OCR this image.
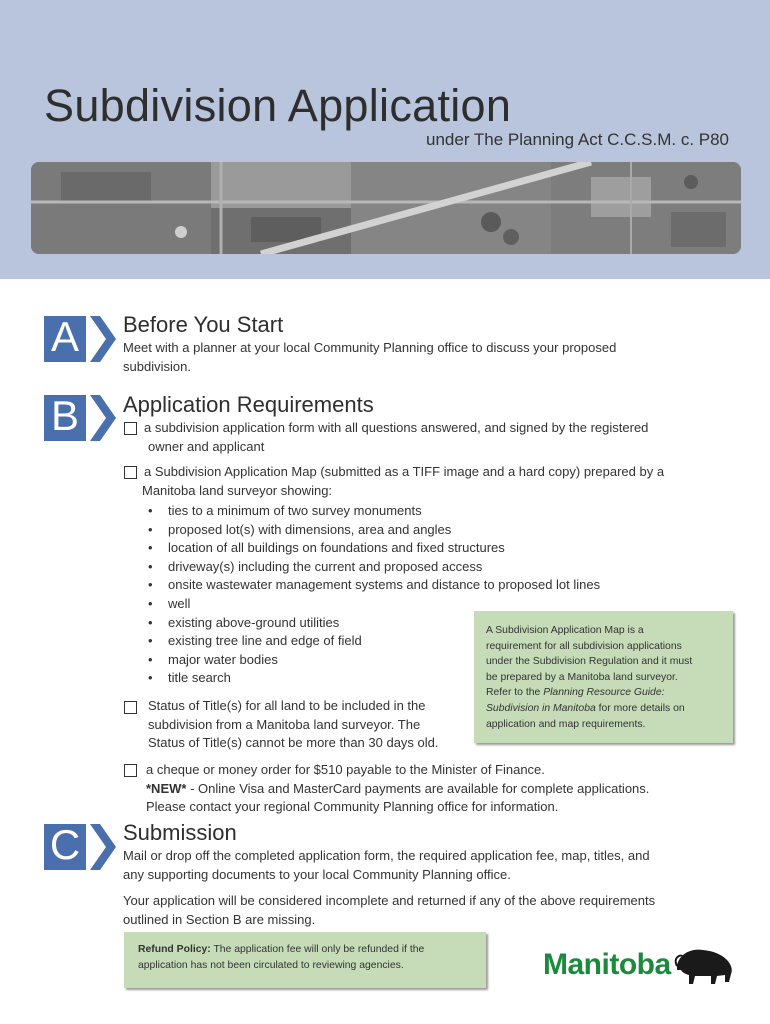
Subdivision Application
under The Planning Act C.C.S.M. c. P80
A	Before You Start
Meet with a planner at your local Community Planning office to discuss your proposed
subdivision.
B	Application Requirements
a subdivision application form with all questions answered, and signed by the registered
owner and applicant
a Subdivision Application Map (submitted as a TIFF image and a hard copy) prepared by a
Manitoba land surveyor showing:
• ties to a minimum of two survey monuments
• proposed lot(s) with dimensions, area and angles
• location of all buildings on foundations and fixed structures
• driveway(s) including the current and proposed access
• onsite wastewater management systems and distance to proposed lot lines
• well
• existing above-ground utilities
• existing tree line and edge of field
• major water bodies
• title search
A Subdivision Application Map is a
requirement for all subdivision applications
under the Subdivision Regulation and it must
be prepared by a Manitoba land surveyor.
Refer to the Planning Resource Guide:
Subdivision in Manitoba for more details on
application and map requirements.
Status of Title(s) for all land to be included in the
subdivision from a Manitoba land surveyor. The
Status of Title(s) cannot be more than 30 days old.
a cheque or money order for $510 payable to the Minister of Finance.
*NEW* - Online Visa and MasterCard payments are available for complete applications.
Please contact your regional Community Planning office for information.
C Submission
Mail or drop off the completed application form, the required application fee, map, titles, and
any supporting documents to your local Community Planning office.
Your application will be considered incomplete and returned if any of the above requirements
outlined in Section B are missing.
Refund Policy: The application fee will only be refunded if the
application has not been circulated to reviewing agencies.	Manitoba
